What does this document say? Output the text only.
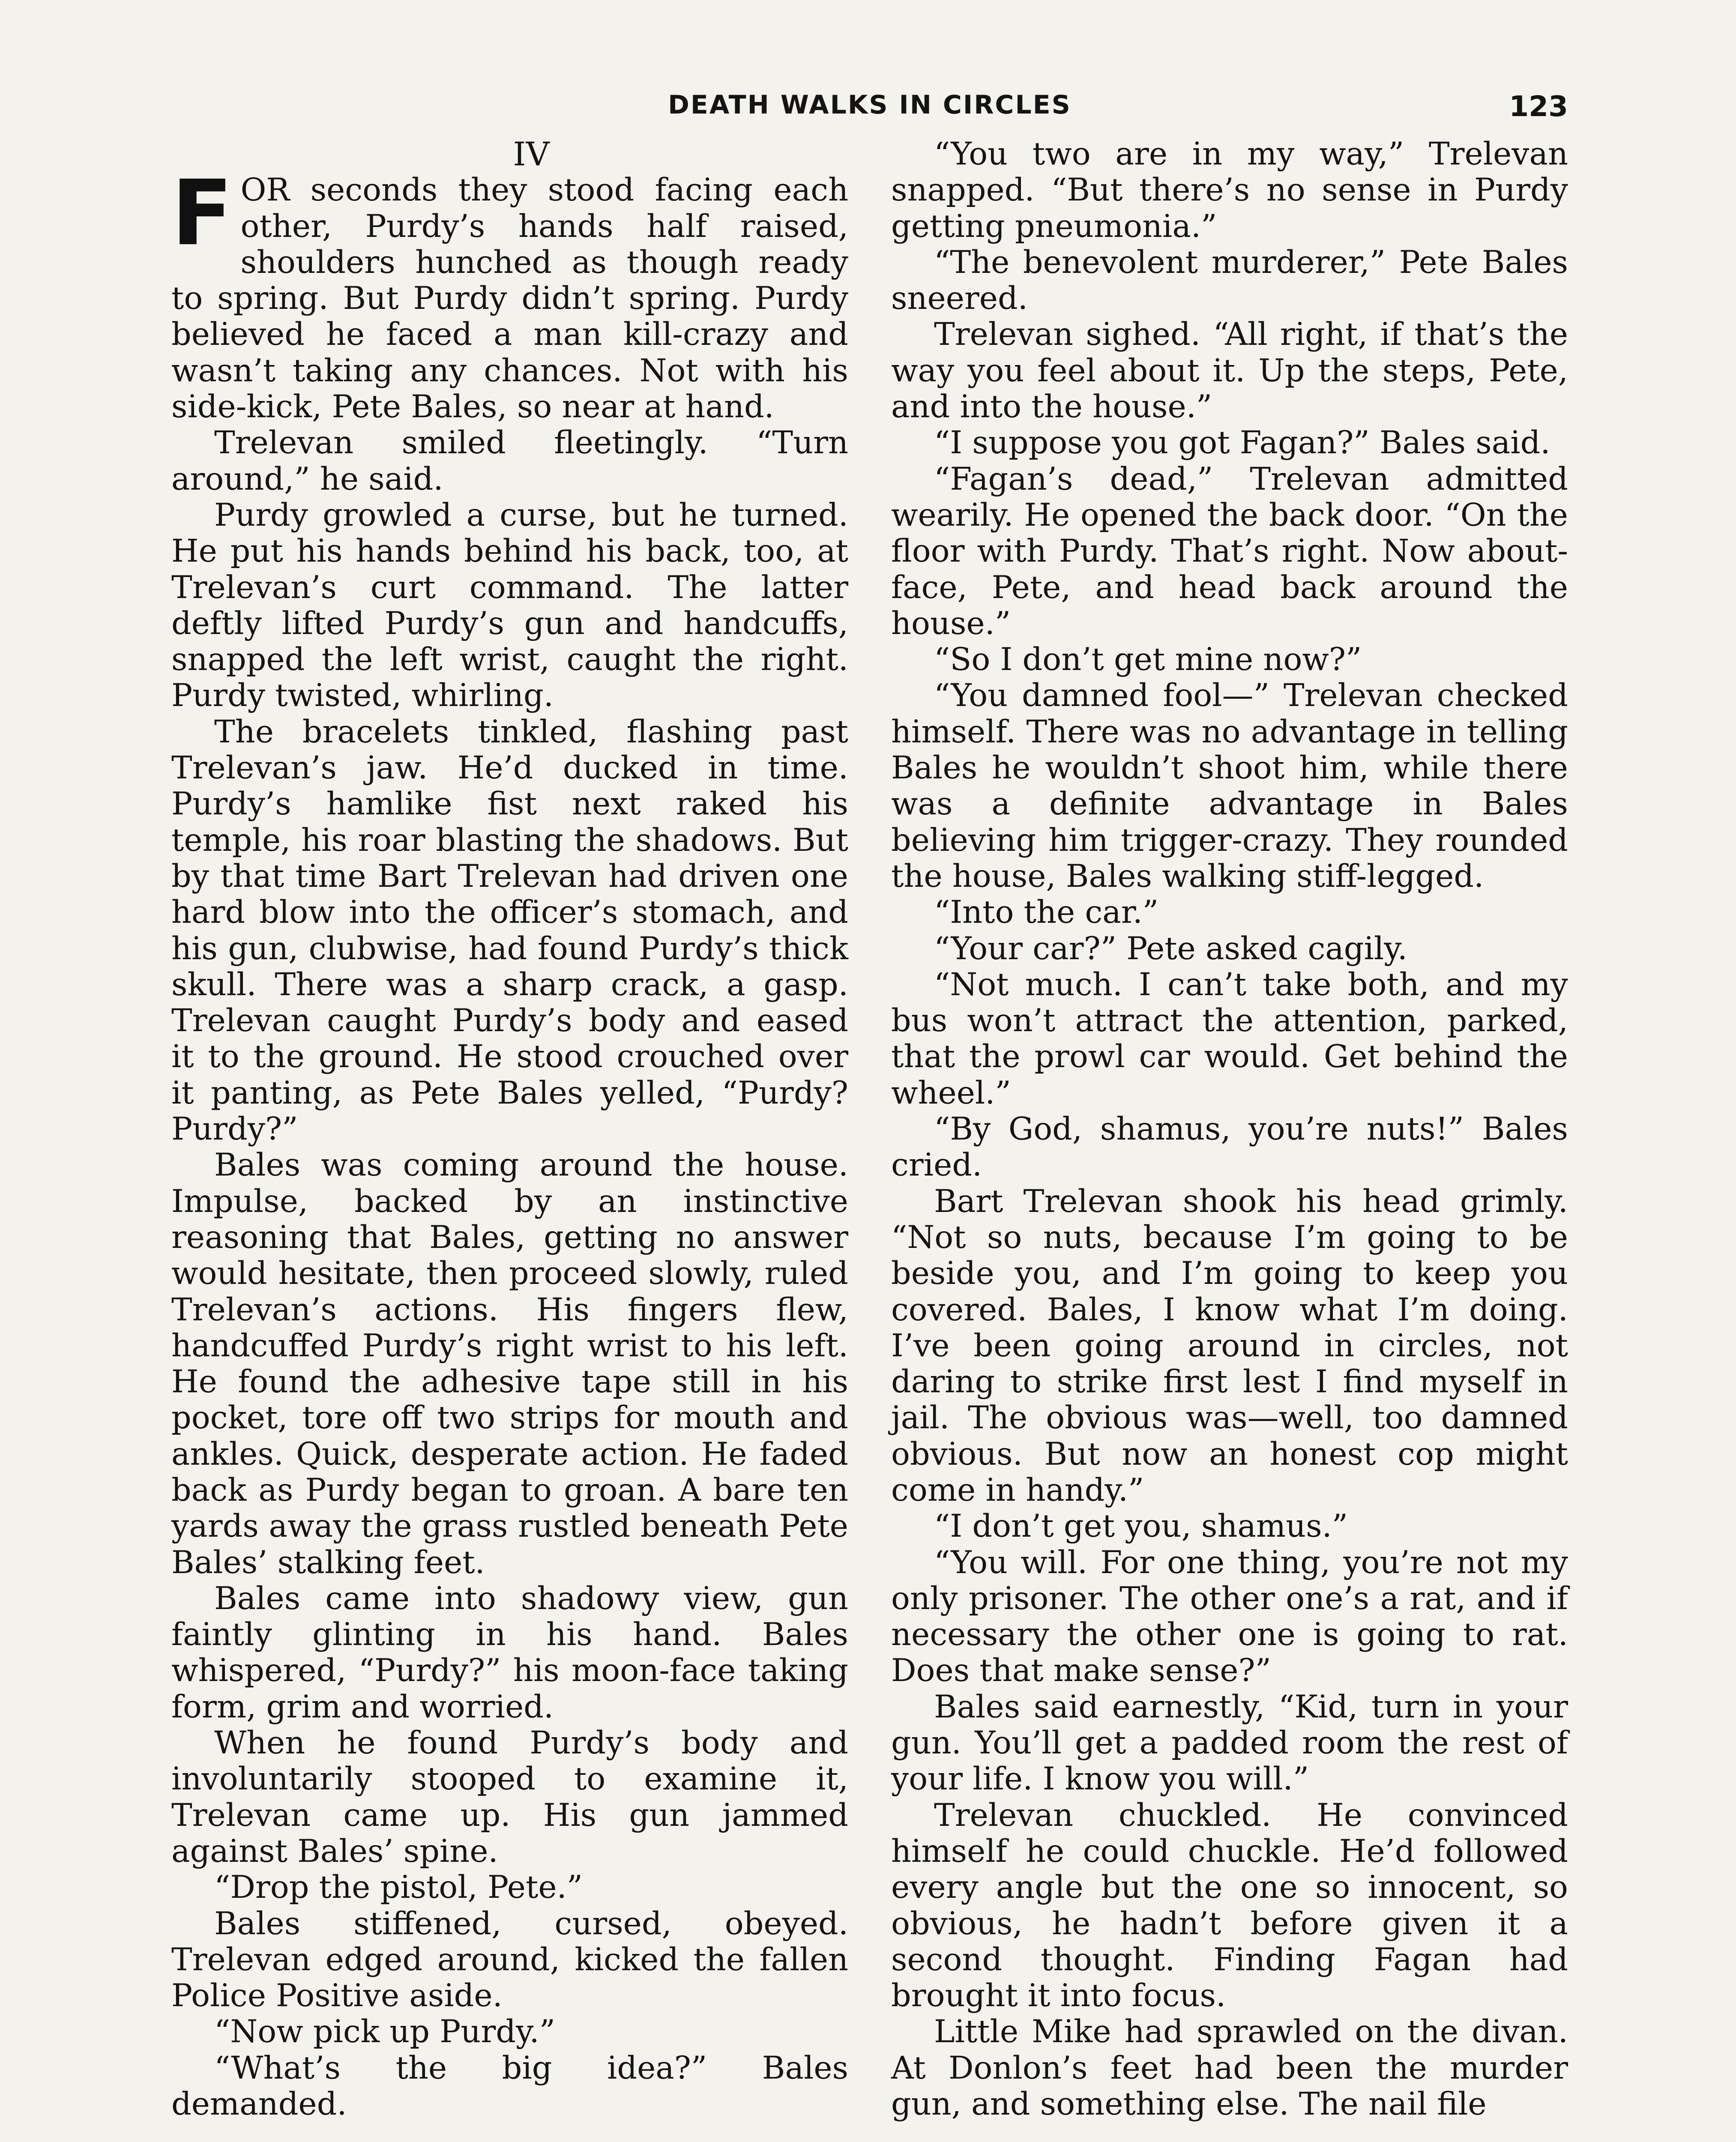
DEATH WALKS IN CIRCLES	123

IV

FOR seconds they stood facing each other, Purdy’s hands half raised, shoulders hunched as though ready to spring. But Purdy didn’t spring. Purdy believed he faced a man kill-crazy and wasn’t taking any chances. Not with his side-kick, Pete Bales, so near at hand.

Trelevan smiled fleetingly. “Turn around,” he said.

Purdy growled a curse, but he turned. He put his hands behind his back, too, at Trelevan’s curt command. The latter deftly lifted Purdy’s gun and handcuffs, snapped the left wrist, caught the right. Purdy twisted, whirling.

The bracelets tinkled, flashing past Trelevan’s jaw. He’d ducked in time. Purdy’s hamlike fist next raked his temple, his roar blasting the shadows. But by that time Bart Trelevan had driven one hard blow into the officer’s stomach, and his gun, clubwise, had found Purdy’s thick skull. There was a sharp crack, a gasp. Trelevan caught Purdy’s body and eased it to the ground. He stood crouched over it panting, as Pete Bales yelled, “Purdy? Purdy?”

Bales was coming around the house. Impulse, backed by an instinctive reasoning that Bales, getting no answer would hesitate, then proceed slowly, ruled Trelevan’s actions. His fingers flew, handcuffed Purdy’s right wrist to his left. He found the adhesive tape still in his pocket, tore off two strips for mouth and ankles. Quick, desperate action. He faded back as Purdy began to groan. A bare ten yards away the grass rustled beneath Pete Bales’ stalking feet.

Bales came into shadowy view, gun faintly glinting in his hand. Bales whispered, “Purdy?” his moon-face taking form, grim and worried.

When he found Purdy’s body and involuntarily stooped to examine it, Trelevan came up. His gun jammed against Bales’ spine.

“Drop the pistol, Pete.”

Bales stiffened, cursed, obeyed. Trelevan edged around, kicked the fallen Police Positive aside.

“Now pick up Purdy.”

“What’s the big idea?” Bales demanded.

“You two are in my way,” Trelevan snapped. “But there’s no sense in Purdy getting pneumonia.”

“The benevolent murderer,” Pete Bales sneered.

Trelevan sighed. “All right, if that’s the way you feel about it. Up the steps, Pete, and into the house.”

“I suppose you got Fagan?” Bales said.

“Fagan’s dead,” Trelevan admitted wearily. He opened the back door. “On the floor with Purdy. That’s right. Now about-face, Pete, and head back around the house.”

“So I don’t get mine now?”

“You damned fool—” Trelevan checked himself. There was no advantage in telling Bales he wouldn’t shoot him, while there was a definite advantage in Bales believing him trigger-crazy. They rounded the house, Bales walking stiff-legged.

“Into the car.”

“Your car?” Pete asked cagily.

“Not much. I can’t take both, and my bus won’t attract the attention, parked, that the prowl car would. Get behind the wheel.”

“By God, shamus, you’re nuts!” Bales cried.

Bart Trelevan shook his head grimly. “Not so nuts, because I’m going to be beside you, and I’m going to keep you covered. Bales, I know what I’m doing. I’ve been going around in circles, not daring to strike first lest I find myself in jail. The obvious was—well, too damned obvious. But now an honest cop might come in handy.”

“I don’t get you, shamus.”

“You will. For one thing, you’re not my only prisoner. The other one’s a rat, and if necessary the other one is going to rat. Does that make sense?”

Bales said earnestly, “Kid, turn in your gun. You’ll get a padded room the rest of your life. I know you will.”

Trelevan chuckled. He convinced himself he could chuckle. He’d followed every angle but the one so innocent, so obvious, he hadn’t before given it a second thought. Finding Fagan had brought it into focus.

Little Mike had sprawled on the divan. At Donlon’s feet had been the murder gun, and something else. The nail file
